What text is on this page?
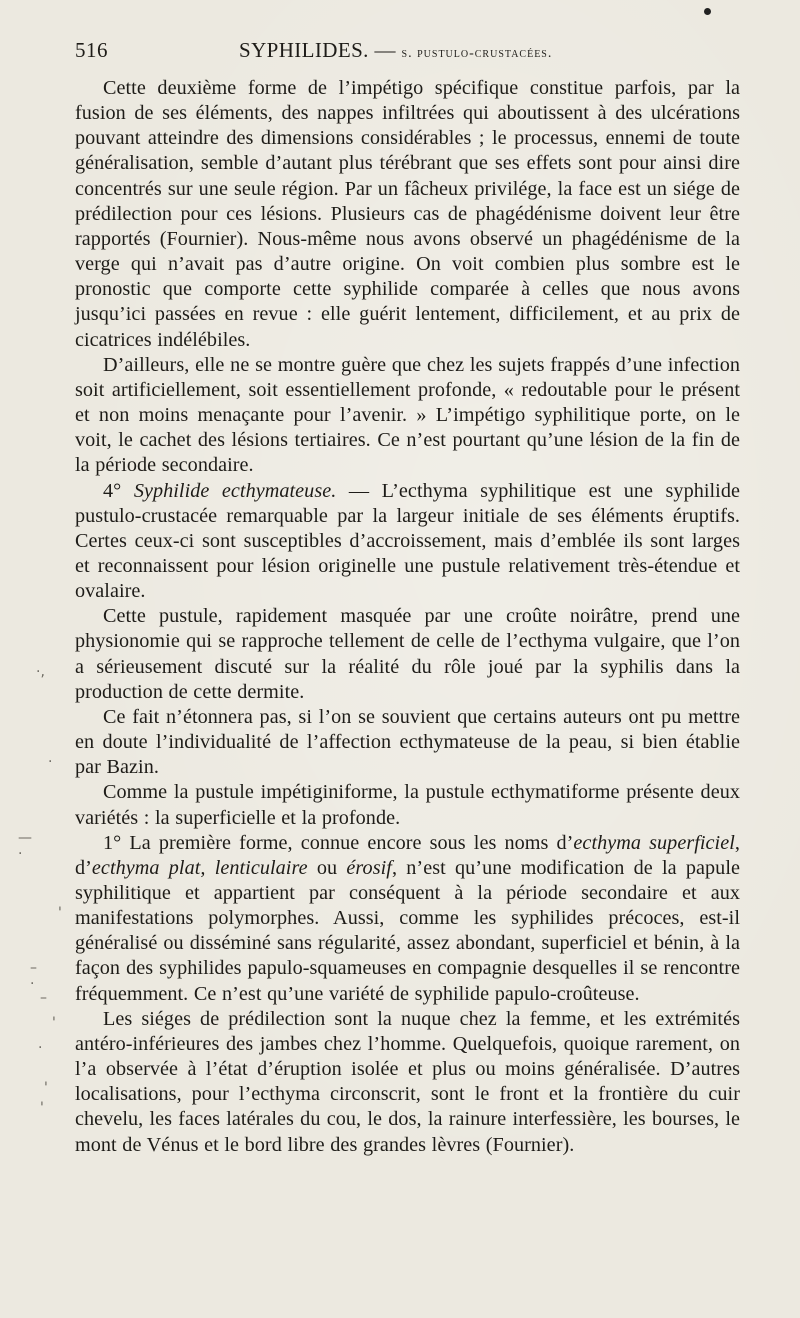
516	SYPHILIDES. — s. pustulo-crustacées.

Cette deuxième forme de l’impétigo spécifique constitue parfois, par la fusion de ses éléments, des nappes infiltrées qui aboutissent à des ulcérations pouvant atteindre des dimensions considérables ; le processus, ennemi de toute généralisation, semble d’autant plus térébrant que ses effets sont pour ainsi dire concentrés sur une seule région. Par un fâcheux privilége, la face est un siége de prédilection pour ces lésions. Plusieurs cas de phagédénisme doivent leur être rapportés (Fournier). Nous-même nous avons observé un phagédénisme de la verge qui n’avait pas d’autre origine. On voit combien plus sombre est le pronostic que comporte cette syphilide comparée à celles que nous avons jusqu’ici passées en revue : elle guérit lentement, difficilement, et au prix de cicatrices indélébiles.

D’ailleurs, elle ne se montre guère que chez les sujets frappés d’une infection soit artificiellement, soit essentiellement profonde, « redoutable pour le présent et non moins menaçante pour l’avenir. » L’impétigo syphilitique porte, on le voit, le cachet des lésions tertiaires. Ce n’est pourtant qu’une lésion de la fin de la période secondaire.

4° Syphilide ecthymateuse. — L’ecthyma syphilitique est une syphilide pustulo-crustacée remarquable par la largeur initiale de ses éléments éruptifs. Certes ceux-ci sont susceptibles d’accroissement, mais d’emblée ils sont larges et reconnaissent pour lésion originelle une pustule relativement très-étendue et ovalaire.

Cette pustule, rapidement masquée par une croûte noirâtre, prend une physionomie qui se rapproche tellement de celle de l’ecthyma vulgaire, que l’on a sérieusement discuté sur la réalité du rôle joué par la syphilis dans la production de cette dermite.

Ce fait n’étonnera pas, si l’on se souvient que certains auteurs ont pu mettre en doute l’individualité de l’affection ecthymateuse de la peau, si bien établie par Bazin.

Comme la pustule impétiginiforme, la pustule ecthymatiforme présente deux variétés : la superficielle et la profonde.

1° La première forme, connue encore sous les noms d’ecthyma superficiel, d’ecthyma plat, lenticulaire ou érosif, n’est qu’une modification de la papule syphilitique et appartient par conséquent à la période secondaire et aux manifestations polymorphes. Aussi, comme les syphilides précoces, est-il généralisé ou disséminé sans régularité, assez abondant, superficiel et bénin, à la façon des syphilides papulo-squameuses en compagnie desquelles il se rencontre fréquemment. Ce n’est qu’une variété de syphilide papulo-croûteuse.

Les siéges de prédilection sont la nuque chez la femme, et les extrémités antéro-inférieures des jambes chez l’homme. Quelquefois, quoique rarement, on l’a observée à l’état d’éruption isolée et plus ou moins généralisée. D’autres localisations, pour l’ecthyma circonscrit, sont le front et la frontière du cuir chevelu, les faces latérales du cou, le dos, la rainure interfessière, les bourses, le mont de Vénus et le bord libre des grandes lèvres (Fournier).

·,
·
—·
'
–·
–
'
·
'
'
